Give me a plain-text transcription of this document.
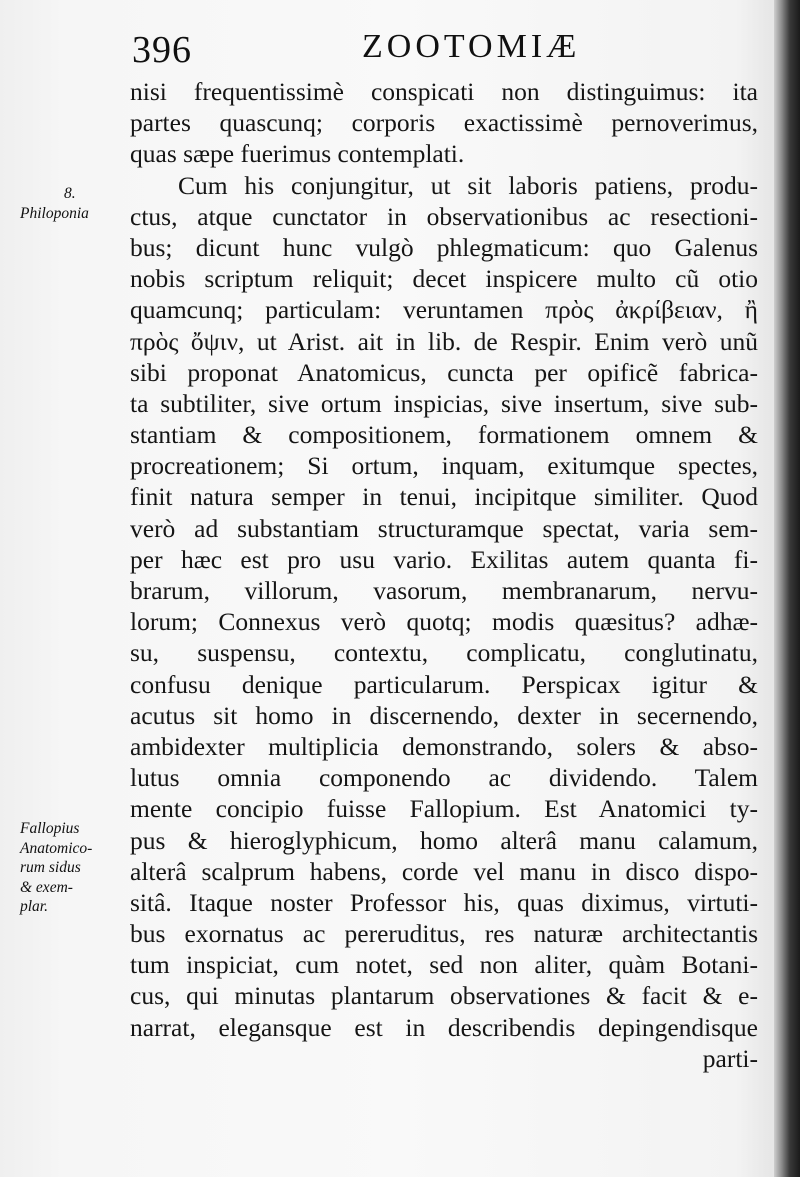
396	ZOOTOMIÆ
8.
Philoponia
Fallopius
Anatomico-
rum sidus
& exem-
plar.
nisi frequentissimè conspicati non distinguimus: ita
partes quascunq; corporis exactissimè pernoverimus,
quas sæpe fuerimus contemplati.
Cum his conjungitur, ut sit laboris patiens, produ-
ctus, atque cunctator in observationibus ac resectioni-
bus; dicunt hunc vulgò phlegmaticum: quo Galenus
nobis scriptum reliquit; decet inspicere multo cũ otio
quamcunq; particulam: veruntamen πρὸς ἀκρίβειαν, ἢ
πρὸς ὄψιν, ut Arist. ait in lib. de Respir. Enim verò unũ
sibi proponat Anatomicus, cuncta per opificẽ fabrica-
ta subtiliter, sive ortum inspicias, sive insertum, sive sub-
stantiam & compositionem, formationem omnem &
procreationem; Si ortum, inquam, exitumque spectes,
finit natura semper in tenui, incipitque similiter. Quod
verò ad substantiam structuramque spectat, varia sem-
per hæc est pro usu vario. Exilitas autem quanta fi-
brarum, villorum, vasorum, membranarum, nervu-
lorum; Connexus verò quotq; modis quæsitus? adhæ-
su, suspensu, contextu, complicatu, conglutinatu,
confusu denique particularum. Perspicax igitur &
acutus sit homo in discernendo, dexter in secernendo,
ambidexter multiplicia demonstrando, solers & abso-
lutus omnia componendo ac dividendo. Talem
mente concipio fuisse Fallopium. Est Anatomici ty-
pus & hieroglyphicum, homo alterâ manu calamum,
alterâ scalprum habens, corde vel manu in disco dispo-
sitâ. Itaque noster Professor his, quas diximus, virtuti-
bus exornatus ac pereruditus, res naturæ architectantis
tum inspiciat, cum notet, sed non aliter, quàm Botani-
cus, qui minutas plantarum observationes & facit & e-
narrat, elegansque est in describendis depingendisque
parti-
